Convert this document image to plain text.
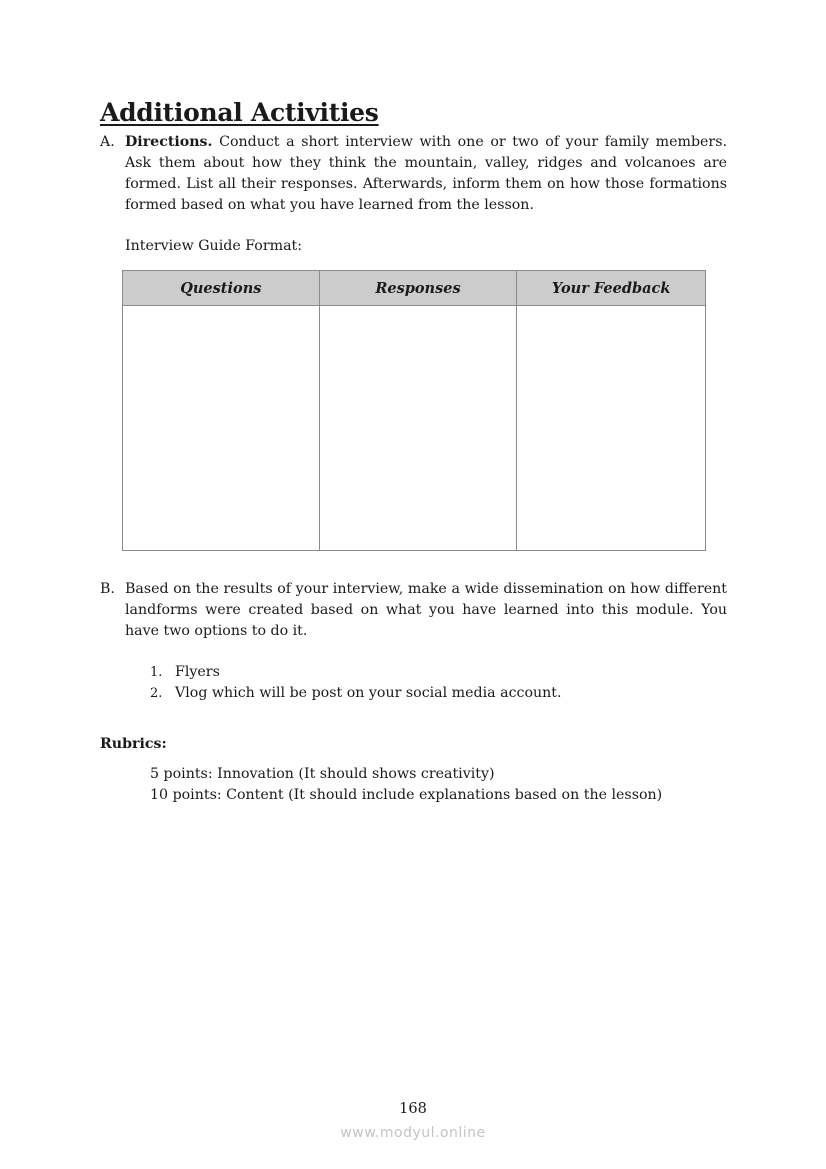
Additional Activities
A. Directions. Conduct a short interview with one or two of your family members. Ask them about how they think the mountain, valley, ridges and volcanoes are formed. List all their responses. Afterwards, inform them on how those formations formed based on what you have learned from the lesson.
Interview Guide Format:
Questions	Responses	Your Feedback

B. Based on the results of your interview, make a wide dissemination on how different landforms were created based on what you have learned into this module. You have two options to do it.
1. Flyers
2. Vlog which will be post on your social media account.
Rubrics:
5 points: Innovation (It should shows creativity)
10 points: Content (It should include explanations based on the lesson)
168
www.modyul.online
